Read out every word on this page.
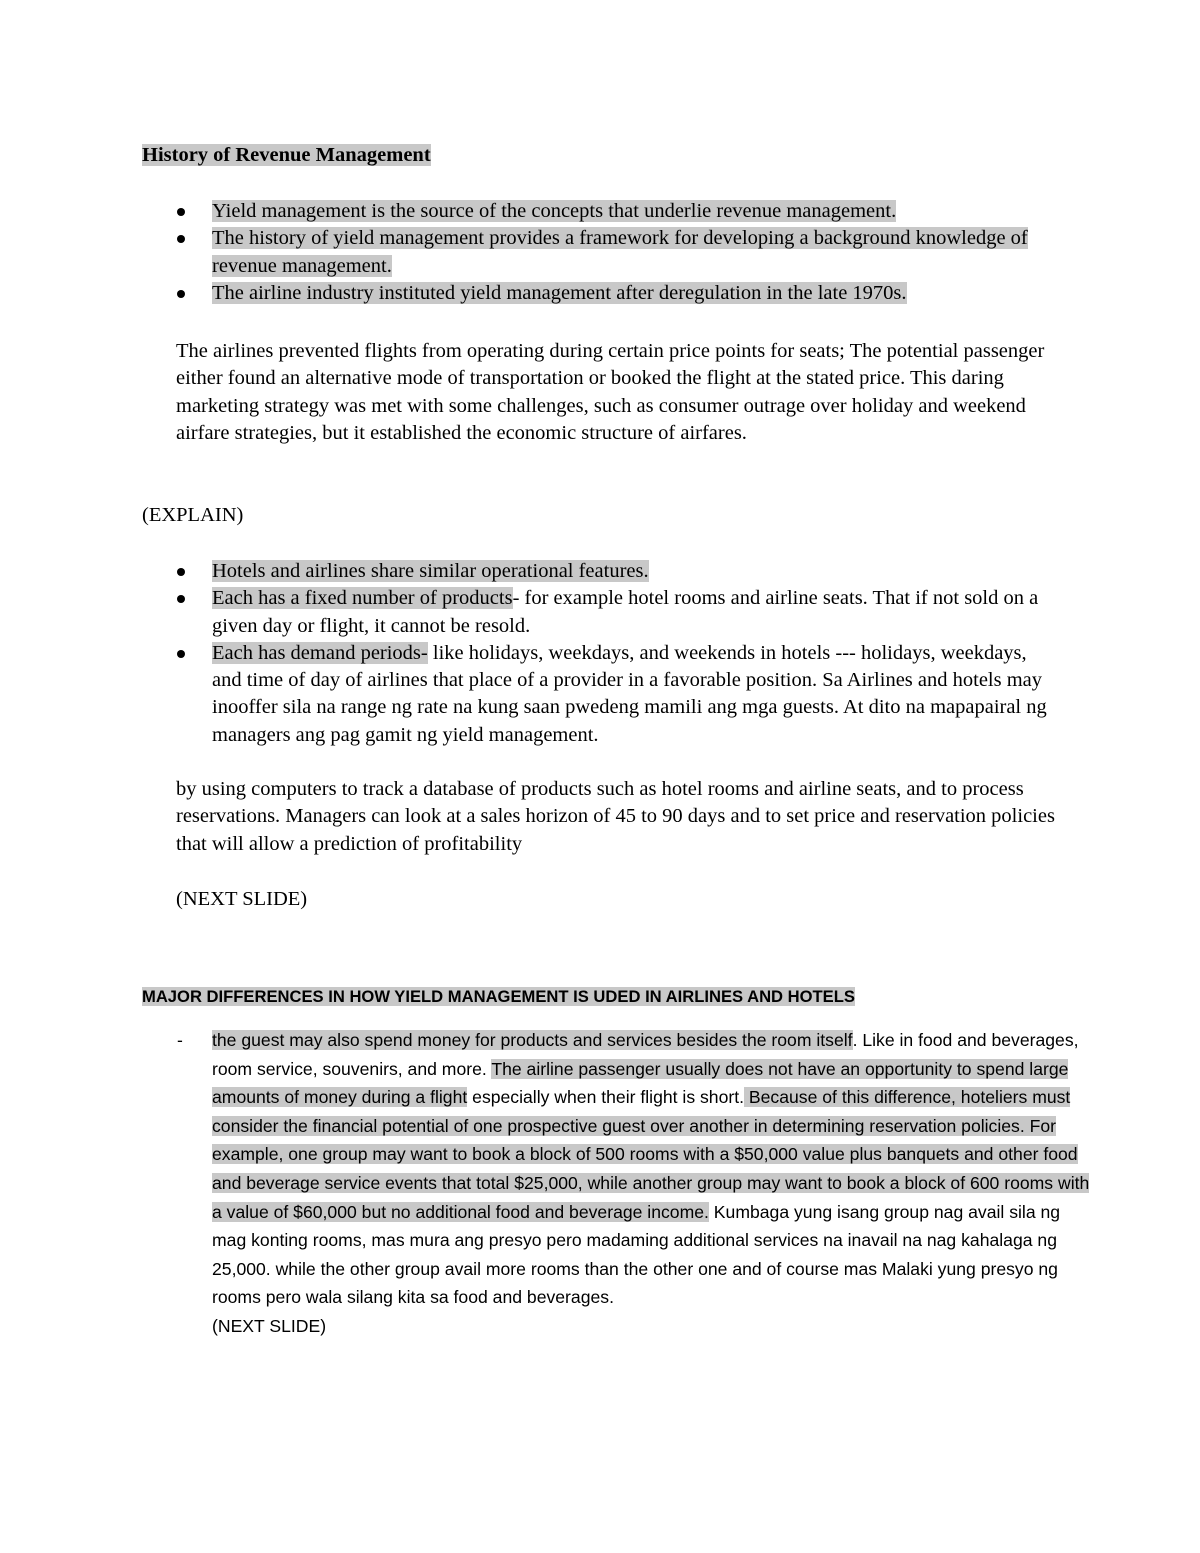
History of Revenue Management
Yield management is the source of the concepts that underlie revenue management.
The history of yield management provides a framework for developing a background knowledge of revenue management.
The airline industry instituted yield management after deregulation in the late 1970s.

The airlines prevented flights from operating during certain price points for seats; The potential passenger either found an alternative mode of transportation or booked the flight at the stated price. This daring marketing strategy was met with some challenges, such as consumer outrage over holiday and weekend airfare strategies, but it established the economic structure of airfares.

(EXPLAIN)
Hotels and airlines share similar operational features.
Each has a fixed number of products- for example hotel rooms and airline seats. That if not sold on a given day or flight, it cannot be resold.
Each has demand periods- like holidays, weekdays, and weekends in hotels --- holidays, weekdays, and time of day of airlines that place of a provider in a favorable position. Sa Airlines and hotels may inooffer sila na range ng rate na kung saan pwedeng mamili ang mga guests. At dito na mapapairal ng managers ang pag gamit ng yield management.

by using computers to track a database of products such as hotel rooms and airline seats, and to process reservations. Managers can look at a sales horizon of 45 to 90 days and to set price and reservation policies that will allow a prediction of profitability

(NEXT SLIDE)
MAJOR DIFFERENCES IN HOW YIELD MANAGEMENT IS UDED IN AIRLINES AND HOTELS
- the guest may also spend money for products and services besides the room itself. Like in food and beverages, room service, souvenirs, and more. The airline passenger usually does not have an opportunity to spend large amounts of money during a flight especially when their flight is short. Because of this difference, hoteliers must consider the financial potential of one prospective guest over another in determining reservation policies. For example, one group may want to book a block of 500 rooms with a $50,000 value plus banquets and other food and beverage service events that total $25,000, while another group may want to book a block of 600 rooms with a value of $60,000 but no additional food and beverage income. Kumbaga yung isang group nag avail sila ng mag konting rooms, mas mura ang presyo pero madaming additional services na inavail na nag kahalaga ng 25,000. while the other group avail more rooms than the other one and of course mas Malaki yung presyo ng rooms pero wala silang kita sa food and beverages.
(NEXT SLIDE)
